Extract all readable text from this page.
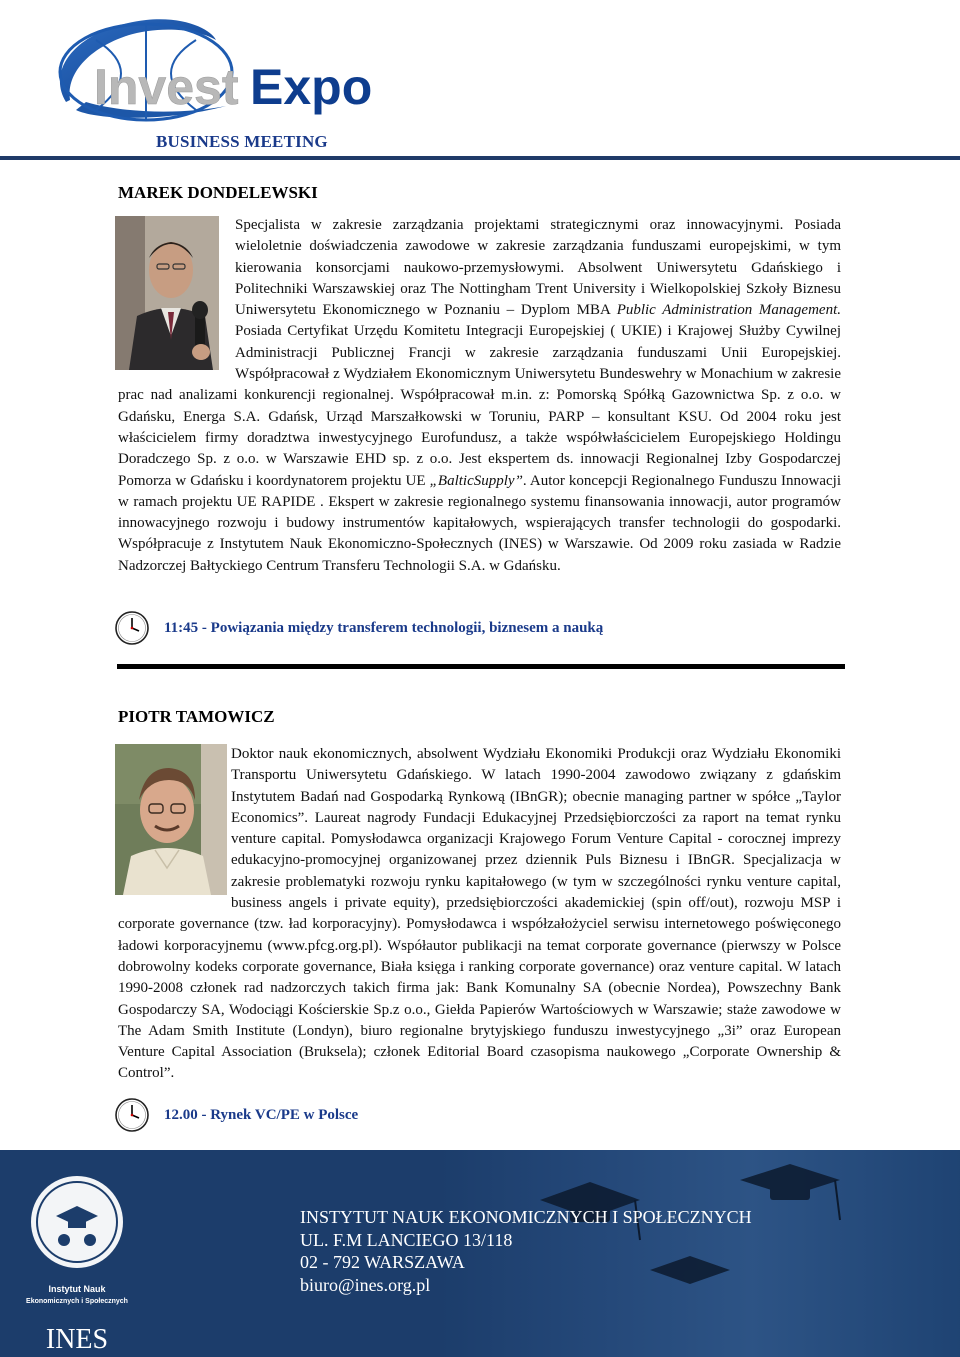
Invest Expo
BUSINESS MEETING
MAREK DONDELEWSKI
Specjalista w zakresie zarządzania projektami strategicznymi oraz innowacyjnymi. Posiada wieloletnie doświadczenia zawodowe w zakresie zarządzania funduszami europejskimi, w tym kierowania konsorcjami naukowo-przemysłowymi. Absolwent Uniwersytetu Gdańskiego i Politechniki Warszawskiej oraz The Nottingham Trent University i Wielkopolskiej Szkoły Biznesu Uniwersytetu Ekonomicznego w Poznaniu – Dyplom MBA Public Administration Management. Posiada Certyfikat Urzędu Komitetu Integracji Europejskiej ( UKIE) i Krajowej Służby Cywilnej Administracji Publicznej Francji w zakresie zarządzania funduszami Unii Europejskiej. Współpracował z Wydziałem Ekonomicznym Uniwersytetu Bundeswehry w Monachium w zakresie prac nad analizami konkurencji regionalnej. Współpracował m.in. z: Pomorską Spółką Gazownictwa Sp. z o.o. w Gdańsku, Energa S.A. Gdańsk, Urząd Marszałkowski w Toruniu, PARP – konsultant KSU. Od 2004 roku jest właścicielem firmy doradztwa inwestycyjnego Eurofundusz, a także współwłaścicielem Europejskiego Holdingu Doradczego Sp. z o.o. w Warszawie EHD sp. z o.o. Jest ekspertem ds. innowacji Regionalnej Izby Gospodarczej Pomorza w Gdańsku i koordynatorem projektu UE „BalticSupply”. Autor koncepcji Regionalnego Funduszu Innowacji w ramach projektu UE RAPIDE . Ekspert w zakresie regionalnego systemu finansowania innowacji, autor programów innowacyjnego rozwoju i budowy instrumentów kapitałowych, wspierających transfer technologii do gospodarki. Współpracuje z Instytutem Nauk Ekonomiczno-Społecznych (INES) w Warszawie. Od 2009 roku zasiada w Radzie Nadzorczej Bałtyckiego Centrum Transferu Technologii S.A. w Gdańsku.
11:45 - Powiązania między transferem technologii, biznesem a nauką
PIOTR TAMOWICZ
Doktor nauk ekonomicznych, absolwent Wydziału Ekonomiki Produkcji oraz Wydziału Ekonomiki Transportu Uniwersytetu Gdańskiego. W latach 1990-2004 zawodowo związany z gdańskim Instytutem Badań nad Gospodarką Rynkową (IBnGR); obecnie managing partner w spółce „Taylor Economics”. Laureat nagrody Fundacji Edukacyjnej Przedsiębiorczości za raport na temat rynku venture capital. Pomysłodawca organizacji Krajowego Forum Venture Capital - corocznej imprezy edukacyjno-promocyjnej organizowanej przez dziennik Puls Biznesu i IBnGR. Specjalizacja w zakresie problematyki rozwoju rynku kapitałowego (w tym w szczególności rynku venture capital, business angels i private equity), przedsiębiorczości akademickiej (spin off/out), rozwoju MSP i corporate governance (tzw. ład korporacyjny). Pomysłodawca i współzałożyciel serwisu internetowego poświęconego ładowi korporacyjnemu (www.pfcg.org.pl). Współautor publikacji na temat corporate governance (pierwszy w Polsce dobrowolny kodeks corporate governance, Biała księga i ranking corporate governance) oraz venture capital. W latach 1990-2008 członek rad nadzorczych takich firma jak: Bank Komunalny SA (obecnie Nordea), Powszechny Bank Gospodarczy SA, Wodociągi Kościerskie Sp.z o.o., Giełda Papierów Wartościowych w Warszawie; staże zawodowe w The Adam Smith Institute (Londyn), biuro regionalne brytyjskiego funduszu inwestycyjnego „3i” oraz European Venture Capital Association (Bruksela); członek Editorial Board czasopisma naukowego „Corporate Ownership & Control”.
12.00 - Rynek VC/PE w Polsce
Instytut Nauk
Ekonomicznych i Społecznych
INES
INSTYTUT NAUK EKONOMICZNYCH I SPOŁECZNYCH
UL. F.M LANCIEGO 13/118
02 - 792 WARSZAWA
biuro@ines.org.pl
